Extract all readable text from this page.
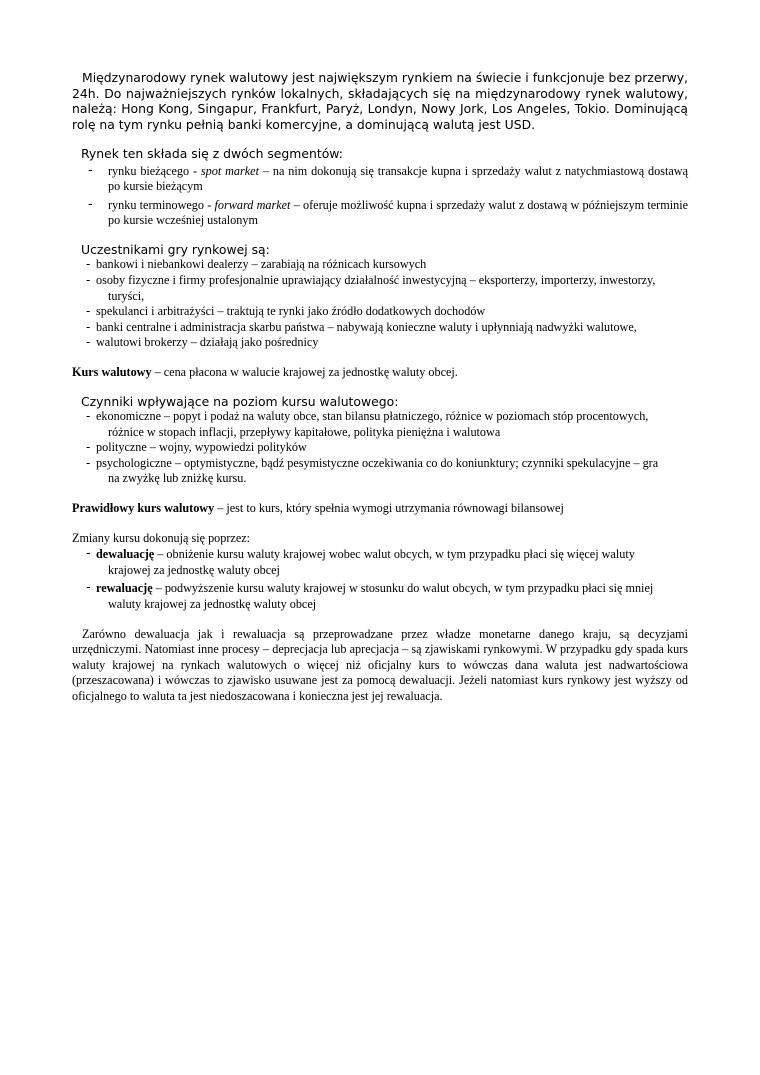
Międzynarodowy rynek walutowy jest największym rynkiem na świecie i funkcjonuje bez przerwy, 24h. Do najważniejszych rynków lokalnych, składających się na międzynarodowy rynek walutowy, należą: Hong Kong, Singapur, Frankfurt, Paryż, Londyn, Nowy Jork, Los Angeles, Tokio. Dominującą rolę na tym rynku pełnią banki komercyjne, a dominującą walutą jest USD.

Rynek ten składa się z dwóch segmentów:

- rynku bieżącego - spot market – na nim dokonują się transakcje kupna i sprzedaży walut z natychmiastową dostawą po kursie bieżącym
- rynku terminowego - forward market – oferuje możliwość kupna i sprzedaży walut z dostawą w późniejszym terminie po kursie wcześniej ustalonym

Uczestnikami gry rynkowej są:

- bankowi i niebankowi dealerzy – zarabiają na różnicach kursowych
- osoby fizyczne i firmy profesjonalnie uprawiający działalność inwestycyjną – eksporterzy, importerzy, inwestorzy,
turyści,
- spekulanci i arbitrażyści – traktują te rynki jako źródło dodatkowych dochodów
- banki centralne i administracja skarbu państwa – nabywają konieczne waluty i upłynniają nadwyżki walutowe,
- walutowi brokerzy – działają jako pośrednicy

Kurs walutowy – cena płacona w walucie krajowej za jednostkę waluty obcej.

Czynniki wpływające na poziom kursu walutowego:

- ekonomiczne – popyt i podaż na waluty obce, stan bilansu płatniczego, różnice w poziomach stóp procentowych,
różnice w stopach inflacji, przepływy kapitałowe, polityka pieniężna i walutowa
- polityczne – wojny, wypowiedzi polityków
- psychologiczne – optymistyczne, bądź pesymistyczne oczekiwania co do koniunktury; czynniki spekulacyjne – gra
na zwyżkę lub zniżkę kursu.

Prawidłowy kurs walutowy – jest to kurs, który spełnia wymogi utrzymania równowagi bilansowej

Zmiany kursu dokonują się poprzez:

- dewaluację – obniżenie kursu waluty krajowej wobec walut obcych, w tym przypadku płaci się więcej waluty
krajowej za jednostkę waluty obcej
- rewaluację – podwyższenie kursu waluty krajowej w stosunku do walut obcych, w tym przypadku płaci się mniej
waluty krajowej za jednostkę waluty obcej

Zarówno dewaluacja jak i rewaluacja są przeprowadzane przez władze monetarne danego kraju, są decyzjami urzędniczymi. Natomiast inne procesy – deprecjacja lub aprecjacja – są zjawiskami rynkowymi. W przypadku gdy spada kurs waluty krajowej na rynkach walutowych o więcej niż oficjalny kurs to wówczas dana waluta jest nadwartościowa (przeszacowana) i wówczas to zjawisko usuwane jest za pomocą dewaluacji. Jeżeli natomiast kurs rynkowy jest wyższy od oficjalnego to waluta ta jest niedoszacowana i konieczna jest jej rewaluacja.
